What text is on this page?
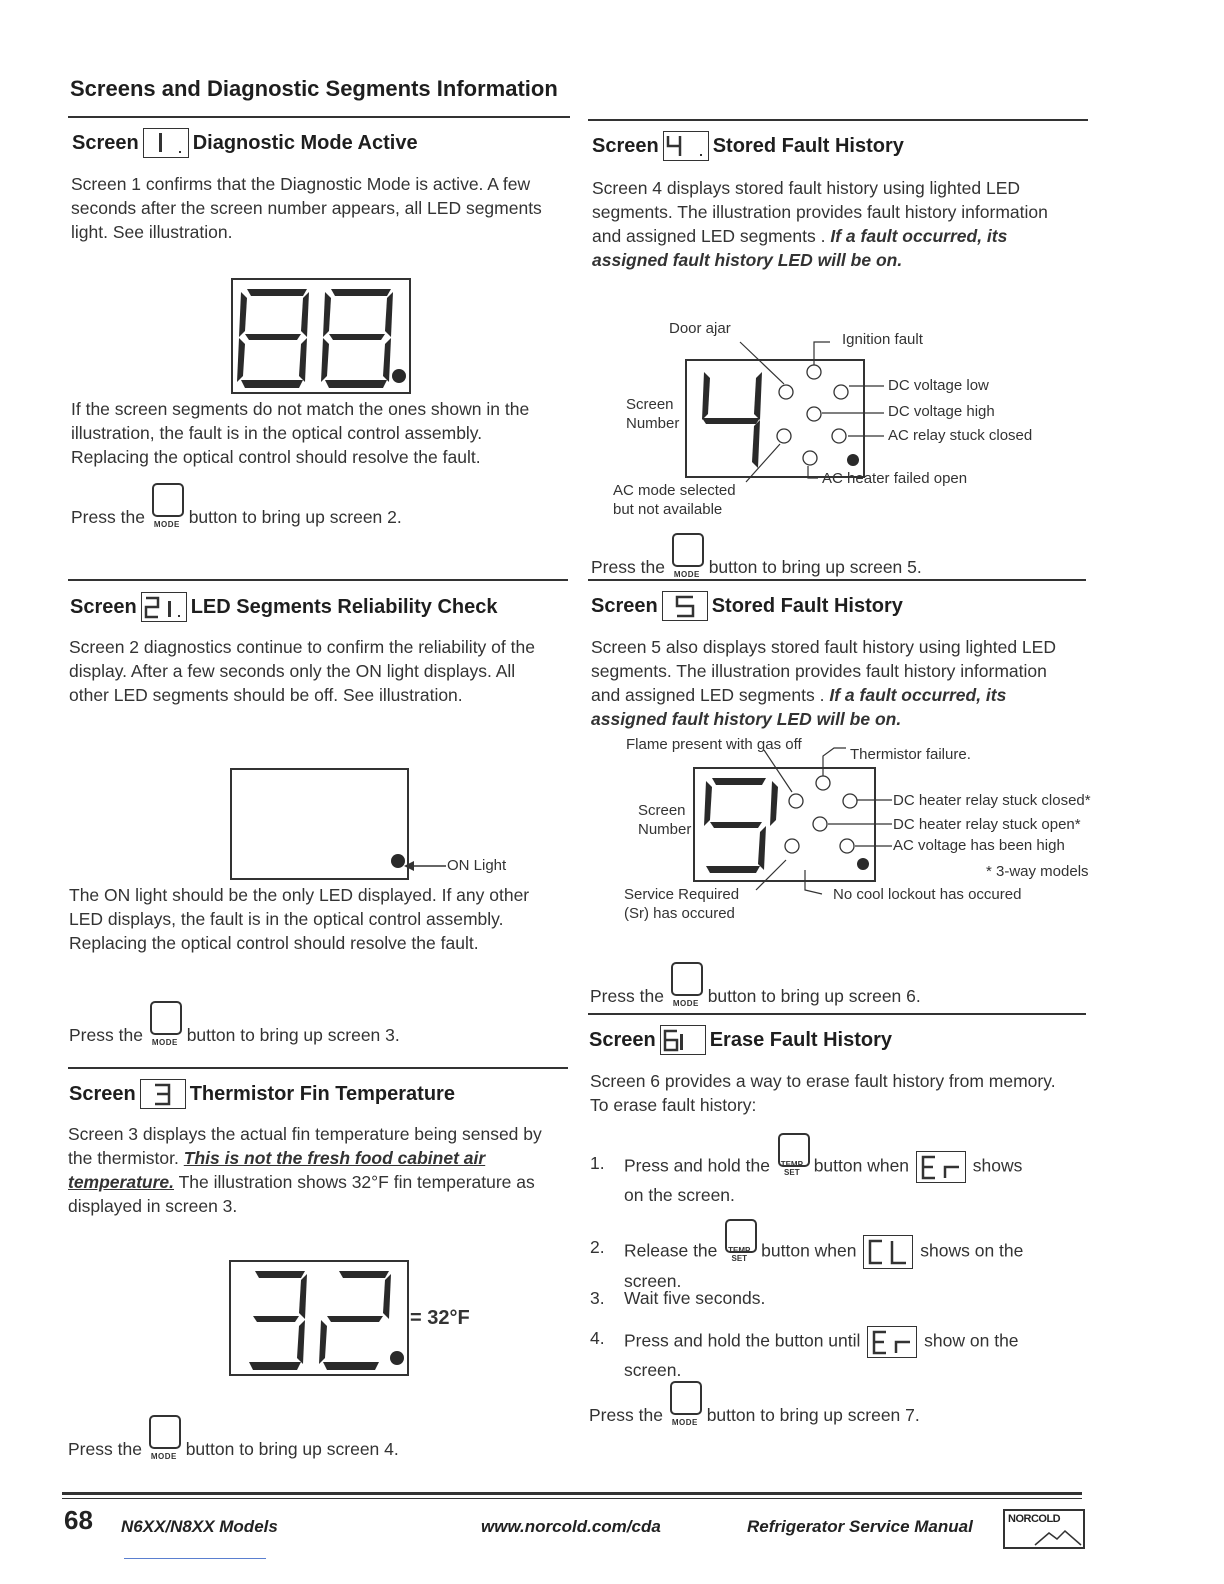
Screens and Diagnostic Segments Information
Screen	Diagnostic Mode Active
Screen 1 confirms that the Diagnostic Mode is active. A few seconds after the screen number appears, all LED segments light. See illustration.
If the screen segments do not match the ones shown in the illustration, the fault is in the optical control assembly. Replacing the optical control should resolve the fault.
Press the	MODE button to bring up screen 2.
Screen	LED Segments Reliability Check
Screen 2 diagnostics continue to confirm the reliability of the display. After a few seconds only the ON light displays. All other LED segments should be off. See illustration.
ON Light
The ON light should be the only LED displayed. If any other LED displays, the fault is in the optical control assembly. Replacing the optical control should resolve the fault.
Press the	MODE button to bring up screen 3.
Screen	Thermistor Fin Temperature
Screen 3 displays the actual fin temperature being sensed by the thermistor. This is not the fresh food cabinet air temperature. The illustration shows 32°F fin temperature as displayed in screen 3.
= 32°F
Press the	MODE button to bring up screen 4.
Screen	Stored Fault History
Screen 4 displays stored fault history using lighted LED segments. The illustration provides fault history information and assigned LED segments . If a fault occurred, its assigned fault history LED will be on.
Door ajar
Ignition fault
DC voltage low
DC voltage high
AC relay stuck closed
AC heater failed open
Screen
Number
AC mode selected
but not available
Press the	MODE button to bring up screen 5.
Screen	Stored Fault History
Screen 5 also displays stored fault history using lighted LED segments. The illustration provides fault history information and assigned LED segments . If a fault occurred, its assigned fault history LED will be on.
Flame present with gas off
Thermistor failure.
DC heater relay stuck closed*
DC heater relay stuck open*
AC voltage has been high
* 3-way models
No cool lockout has occured
Screen
Number
Service Required
(Sr) has occured
Press the	MODE button to bring up screen 6.
Screen	Erase Fault History
Screen 6 provides a way to erase fault history from memory. To erase fault history:
1.	Press and hold the	TEMP
SET button when	shows
on the screen.
2.	Release the	TEMP
SET button when	shows on the
screen.
3.	Wait five seconds.
4.	Press and hold the button until	show on the
screen.
Press the	MODE button to bring up screen 7.
68 N6XX/N8XX Models	www.norcold.com/cda	Refrigerator Service Manual	NORCOLD
